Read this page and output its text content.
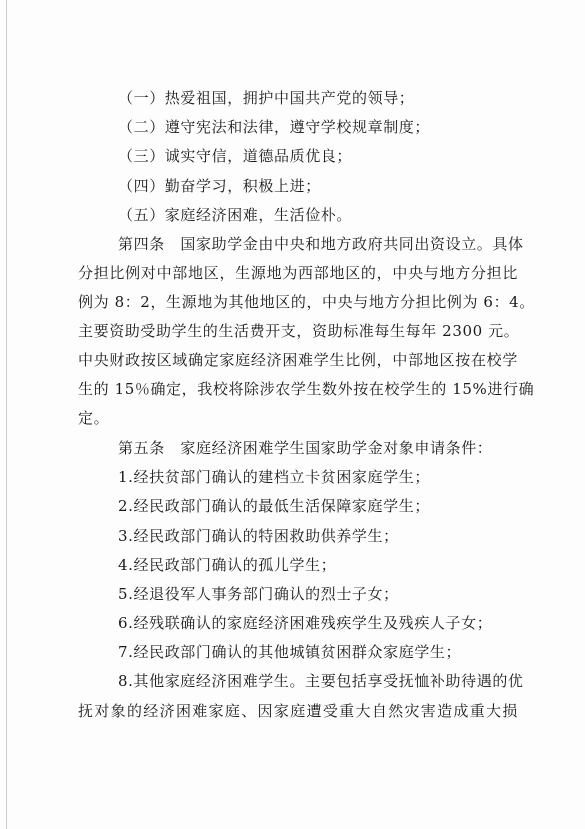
（一）热爱祖国，拥护中国共产党的领导；
（二）遵守宪法和法律，遵守学校规章制度；
（三）诚实守信，道德品质优良；
（四）勤奋学习，积极上进；
（五）家庭经济困难，生活俭朴。
第四条　国家助学金由中央和地方政府共同出资设立。具体
分担比例对中部地区，生源地为西部地区的，中央与地方分担比
例为 8：2，生源地为其他地区的，中央与地方分担比例为 6：4。
主要资助受助学生的生活费开支，资助标准每生每年 2300 元。
中央财政按区域确定家庭经济困难学生比例，中部地区按在校学
生的 15％确定，我校将除涉农学生数外按在校学生的 15%进行确
定。
第五条　家庭经济困难学生国家助学金对象申请条件：
1.经扶贫部门确认的建档立卡贫困家庭学生；
2.经民政部门确认的最低生活保障家庭学生；
3.经民政部门确认的特困救助供养学生；
4.经民政部门确认的孤儿学生；
5.经退役军人事务部门确认的烈士子女；
6.经残联确认的家庭经济困难残疾学生及残疾人子女；
7.经民政部门确认的其他城镇贫困群众家庭学生；
8.其他家庭经济困难学生。主要包括享受抚恤补助待遇的优
抚对象的经济困难家庭、因家庭遭受重大自然灾害造成重大损
